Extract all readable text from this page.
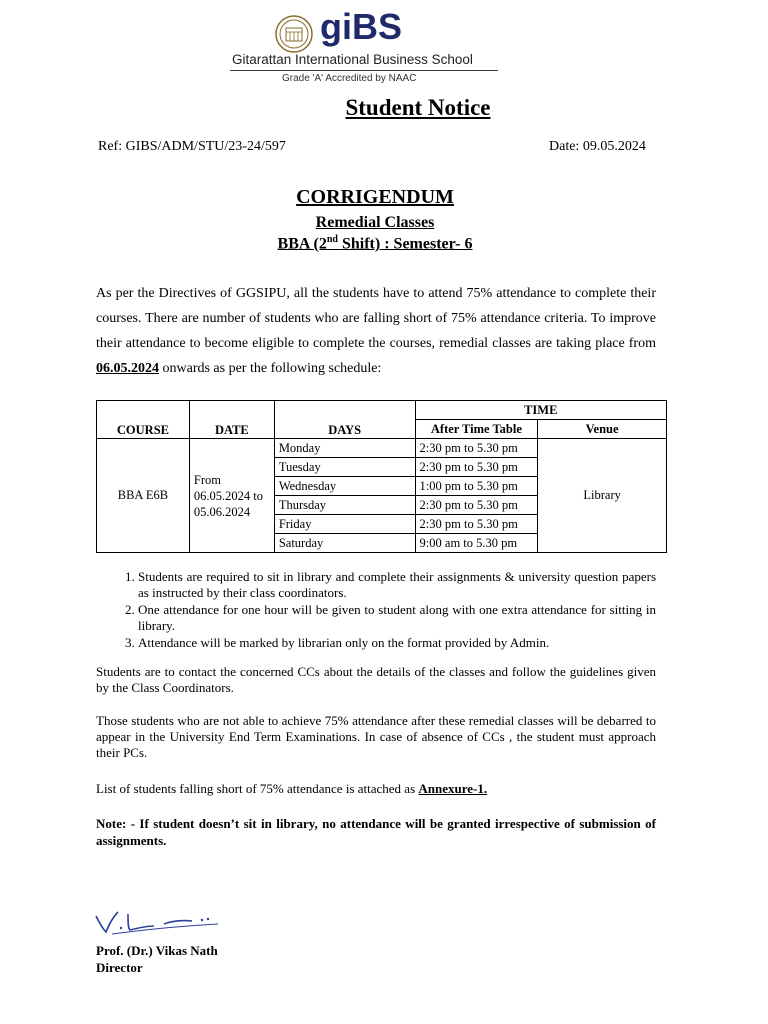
giBS
Gitarattan International Business School
Grade 'A' Accredited by NAAC
Student Notice
Ref: GIBS/ADM/STU/23-24/597	Date: 09.05.2024
CORRIGENDUM
Remedial Classes
BBA (2nd Shift) : Semester- 6
As per the Directives of GGSIPU, all the students have to attend 75% attendance to complete their courses. There are number of students who are falling short of 75% attendance criteria. To improve their attendance to become eligible to complete the courses, remedial classes are taking place from 06.05.2024 onwards as per the following schedule:
COURSE	DATE	DAYS	TIME	
			After Time Table	Venue
BBA E6B	From 06.05.2024 to 05.06.2024	Monday	2:30 pm to 5.30 pm	Library
		Tuesday	2:30 pm to 5.30 pm	
		Wednesday	1:00 pm to 5.30 pm	
		Thursday	2:30 pm to 5.30 pm	
		Friday	2:30 pm to 5.30 pm	
		Saturday	9:00 am to 5.30 pm	
1. Students are required to sit in library and complete their assignments & university question papers as instructed by their class coordinators.
2. One attendance for one hour will be given to student along with one extra attendance for sitting in library.
3. Attendance will be marked by librarian only on the format provided by Admin.
Students are to contact the concerned CCs about the details of the classes and follow the guidelines given by the Class Coordinators.
Those students who are not able to achieve 75% attendance after these remedial classes will be debarred to appear in the University End Term Examinations. In case of absence of CCs , the student must approach their PCs.
List of students falling short of 75% attendance is attached as Annexure-1.
Note: - If student doesn’t sit in library, no attendance will be granted irrespective of submission of assignments.
Prof. (Dr.) Vikas Nath
Director
